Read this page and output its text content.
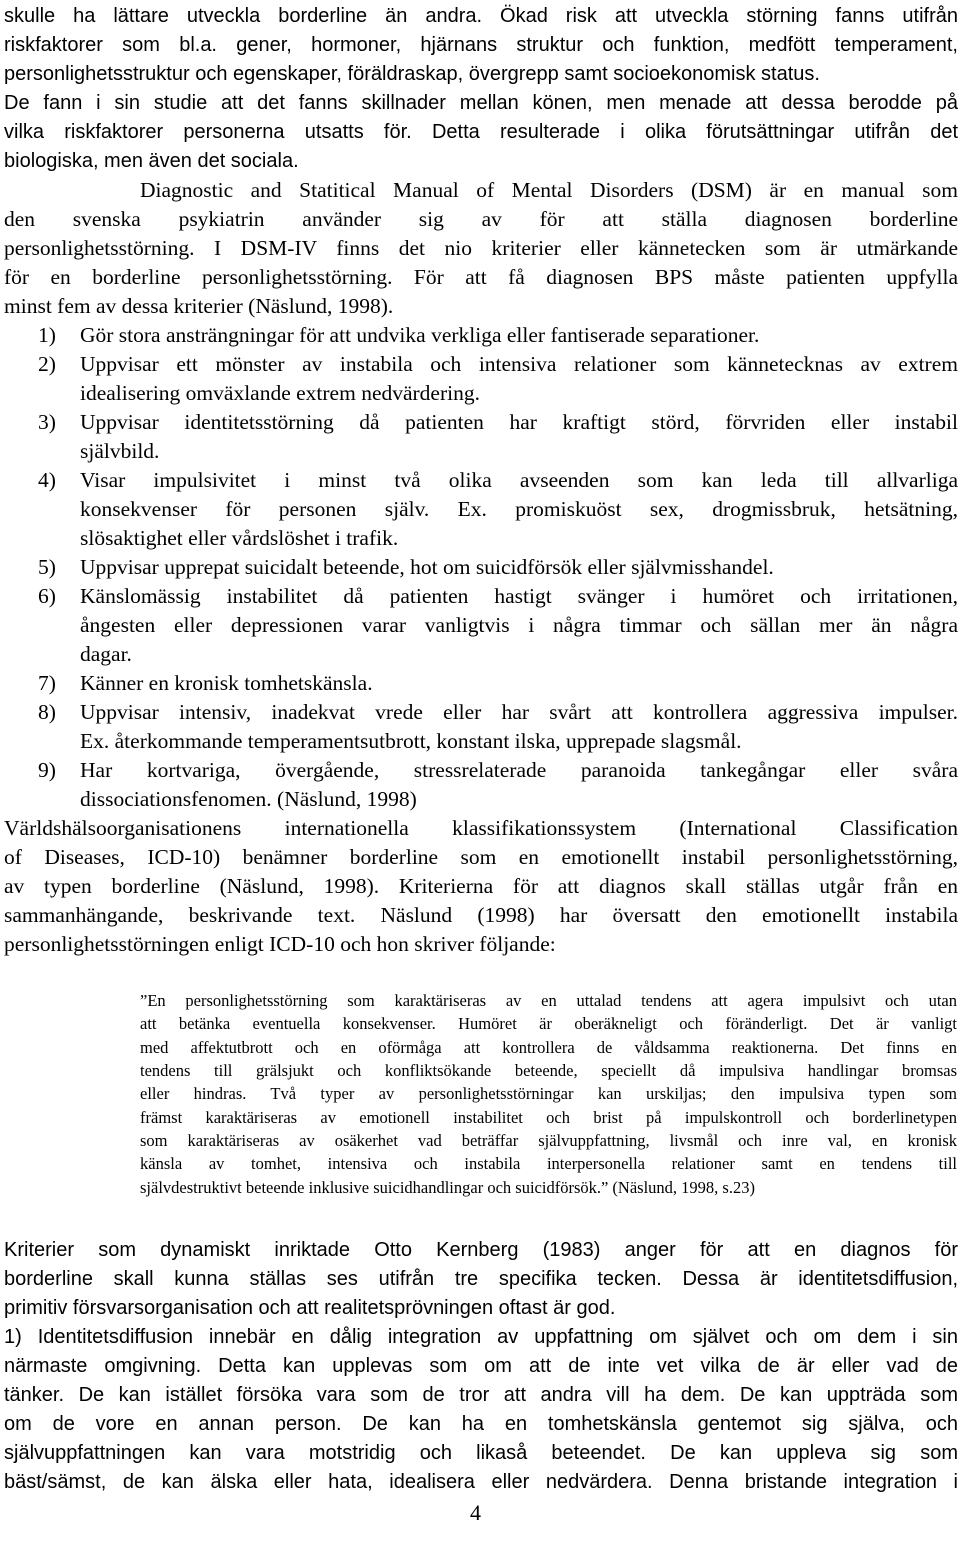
skulle ha lättare utveckla borderline än andra. Ökad risk att utveckla störning fanns utifrån
riskfaktorer som bl.a. gener, hormoner, hjärnans struktur och funktion, medfött temperament,
personlighetsstruktur och egenskaper, föräldraskap, övergrepp samt socioekonomisk status.
De fann i sin studie att det fanns skillnader mellan könen, men menade att dessa berodde på
vilka riskfaktorer personerna utsatts för. Detta resulterade i olika förutsättningar utifrån det
biologiska, men även det sociala.
Diagnostic and Statitical Manual of Mental Disorders (DSM) är en manual som
den svenska psykiatrin använder sig av för att ställa diagnosen borderline
personlighetsstörning. I DSM-IV finns det nio kriterier eller kännetecken som är utmärkande
för en borderline personlighetsstörning. För att få diagnosen BPS måste patienten uppfylla
minst fem av dessa kriterier (Näslund, 1998).
1) Gör stora ansträngningar för att undvika verkliga eller fantiserade separationer.
2) Uppvisar ett mönster av instabila och intensiva relationer som kännetecknas av extrem
idealisering omväxlande extrem nedvärdering.
3) Uppvisar identitetsstörning då patienten har kraftigt störd, förvriden eller instabil
självbild.
4) Visar impulsivitet i minst två olika avseenden som kan leda till allvarliga
konsekvenser för personen själv. Ex. promiskuöst sex, drogmissbruk, hetsätning,
slösaktighet eller vårdslöshet i trafik.
5) Uppvisar upprepat suicidalt beteende, hot om suicidförsök eller självmisshandel.
6) Känslomässig instabilitet då patienten hastigt svänger i humöret och irritationen,
ångesten eller depressionen varar vanligtvis i några timmar och sällan mer än några
dagar.
7) Känner en kronisk tomhetskänsla.
8) Uppvisar intensiv, inadekvat vrede eller har svårt att kontrollera aggressiva impulser.
Ex. återkommande temperamentsutbrott, konstant ilska, upprepade slagsmål.
9) Har kortvariga, övergående, stressrelaterade paranoida tankegångar eller svåra
dissociationsfenomen. (Näslund, 1998)
Världshälsoorganisationens internationella klassifikationssystem (International Classification
of Diseases, ICD-10) benämner borderline som en emotionellt instabil personlighetsstörning,
av typen borderline (Näslund, 1998). Kriterierna för att diagnos skall ställas utgår från en
sammanhängande, beskrivande text. Näslund (1998) har översatt den emotionellt instabila
personlighetsstörningen enligt ICD-10 och hon skriver följande:
”En personlighetsstörning som karaktäriseras av en uttalad tendens att agera impulsivt och utan
att betänka eventuella konsekvenser. Humöret är oberäkneligt och föränderligt. Det är vanligt
med affektutbrott och en oförmåga att kontrollera de våldsamma reaktionerna. Det finns en
tendens till grälsjukt och konfliktsökande beteende, speciellt då impulsiva handlingar bromsas
eller hindras. Två typer av personlighetsstörningar kan urskiljas; den impulsiva typen som
främst karaktäriseras av emotionell instabilitet och brist på impulskontroll och borderlinetypen
som karaktäriseras av osäkerhet vad beträffar självuppfattning, livsmål och inre val, en kronisk
känsla av tomhet, intensiva och instabila interpersonella relationer samt en tendens till
självdestruktivt beteende inklusive suicidhandlingar och suicidförsök.” (Näslund, 1998, s.23)
Kriterier som dynamiskt inriktade Otto Kernberg (1983) anger för att en diagnos för
borderline skall kunna ställas ses utifrån tre specifika tecken. Dessa är identitetsdiffusion,
primitiv försvarsorganisation och att realitetsprövningen oftast är god.
1) Identitetsdiffusion innebär en dålig integration av uppfattning om självet och om dem i sin
närmaste omgivning. Detta kan upplevas som om att de inte vet vilka de är eller vad de
tänker. De kan istället försöka vara som de tror att andra vill ha dem. De kan uppträda som
om de vore en annan person. De kan ha en tomhetskänsla gentemot sig själva, och
självuppfattningen kan vara motstridig och likaså beteendet. De kan uppleva sig som
bäst/sämst, de kan älska eller hata, idealisera eller nedvärdera. Denna bristande integration i
4
